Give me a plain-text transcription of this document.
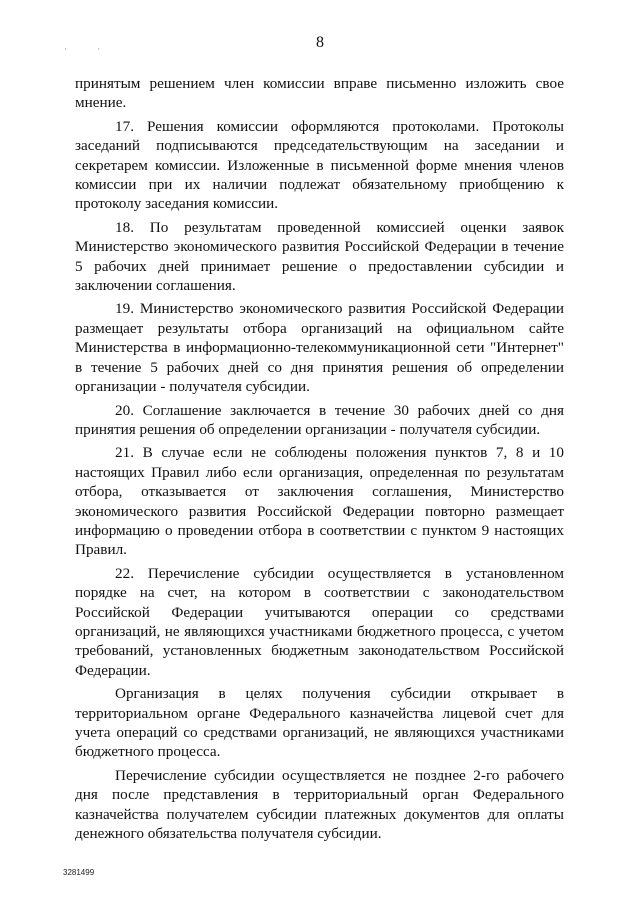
· ·	8

принятым решением член комиссии вправе письменно изложить свое мнение.

17. Решения комиссии оформляются протоколами. Протоколы заседаний подписываются председательствующим на заседании и секретарем комиссии. Изложенные в письменной форме мнения членов комиссии при их наличии подлежат обязательному приобщению к протоколу заседания комиссии.

18. По результатам проведенной комиссией оценки заявок Министерство экономического развития Российской Федерации в течение 5 рабочих дней принимает решение о предоставлении субсидии и заключении соглашения.

19. Министерство экономического развития Российской Федерации размещает результаты отбора организаций на официальном сайте Министерства в информационно-телекоммуникационной сети "Интернет" в течение 5 рабочих дней со дня принятия решения об определении организации - получателя субсидии.

20. Соглашение заключается в течение 30 рабочих дней со дня принятия решения об определении организации - получателя субсидии.

21. В случае если не соблюдены положения пунктов 7, 8 и 10 настоящих Правил либо если организация, определенная по результатам отбора, отказывается от заключения соглашения, Министерство экономического развития Российской Федерации повторно размещает информацию о проведении отбора в соответствии с пунктом 9 настоящих Правил.

22. Перечисление субсидии осуществляется в установленном порядке на счет, на котором в соответствии с законодательством Российской Федерации учитываются операции со средствами организаций, не являющихся участниками бюджетного процесса, с учетом требований, установленных бюджетным законодательством Российской Федерации.

Организация в целях получения субсидии открывает в территориальном органе Федерального казначейства лицевой счет для учета операций со средствами организаций, не являющихся участниками бюджетного процесса.

Перечисление субсидии осуществляется не позднее 2-го рабочего дня после представления в территориальный орган Федерального казначейства получателем субсидии платежных документов для оплаты денежного обязательства получателя субсидии.

3281499
